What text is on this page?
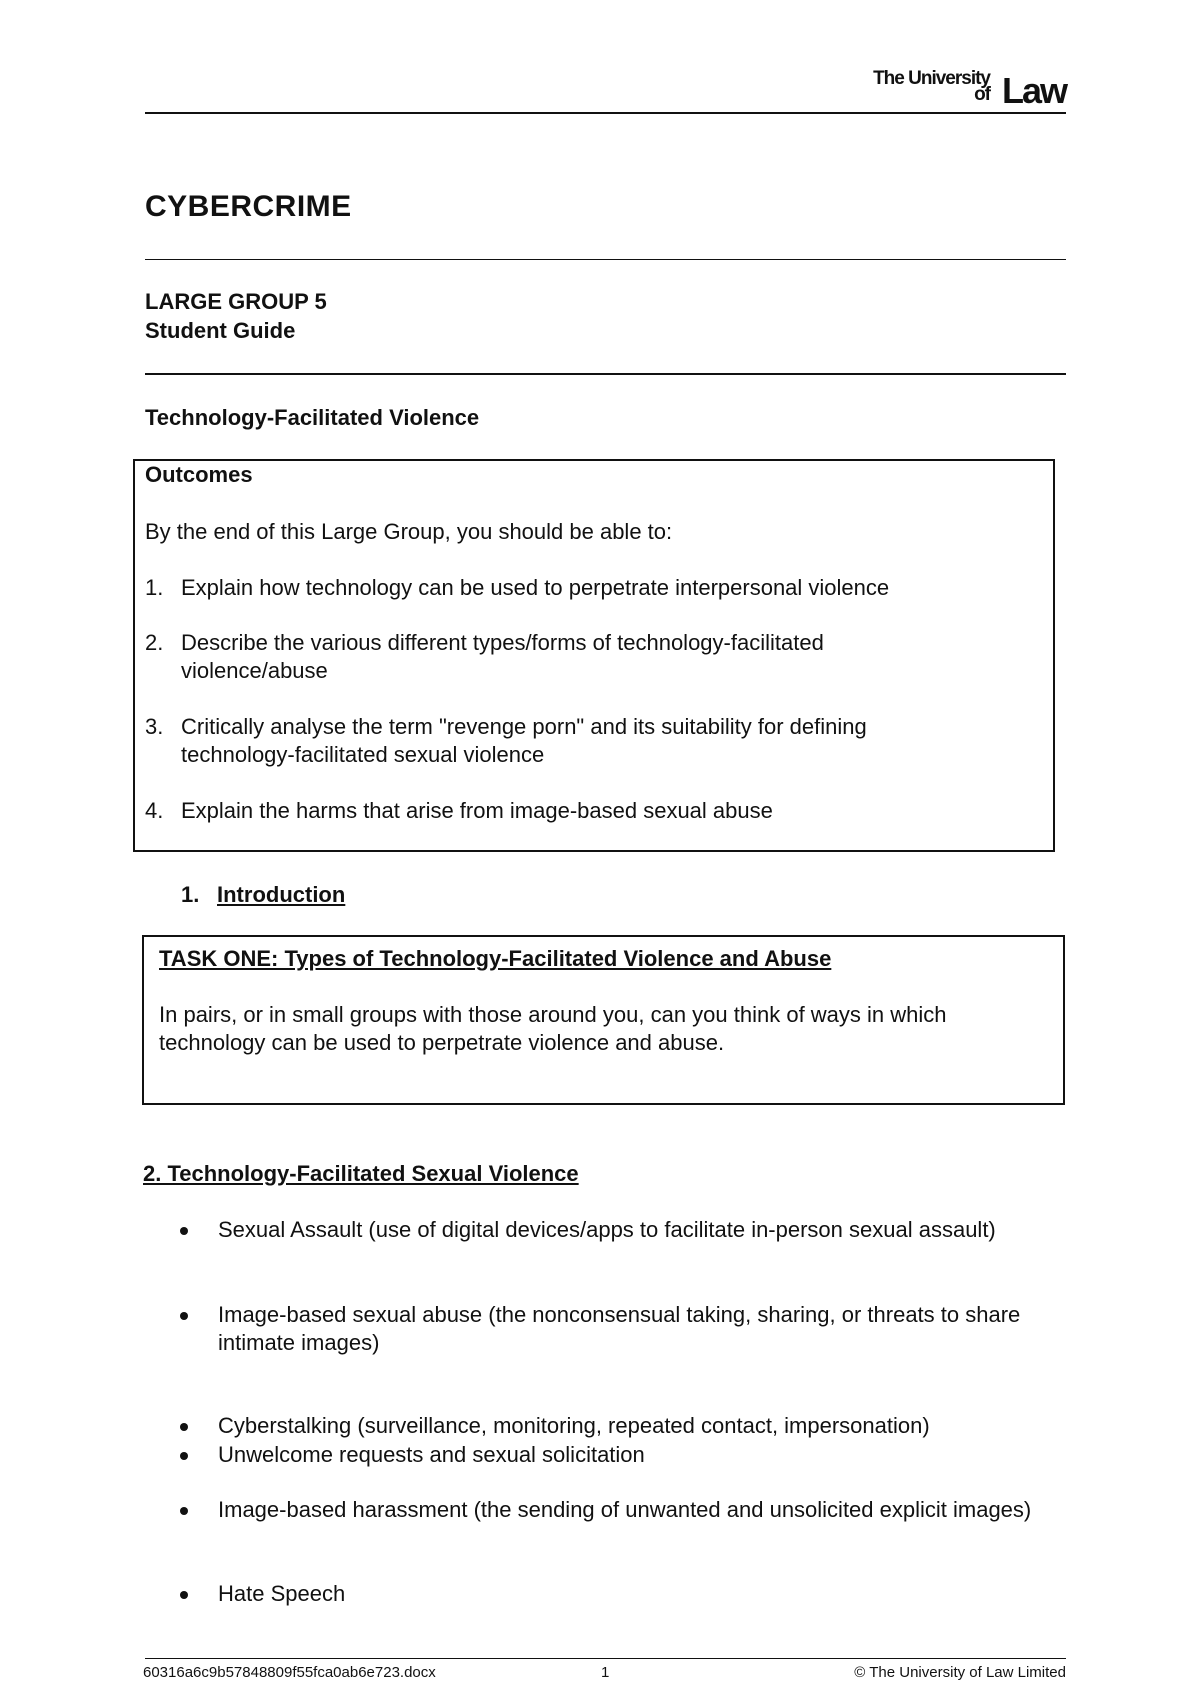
The University
of Law
CYBERCRIME
LARGE GROUP 5
Student Guide
Technology-Facilitated Violence
Outcomes
By the end of this Large Group, you should be able to:
1. Explain how technology can be used to perpetrate interpersonal violence
2. Describe the various different types/forms of technology-facilitated violence/abuse
3. Critically analyse the term "revenge porn" and its suitability for defining technology-facilitated sexual violence
4. Explain the harms that arise from image-based sexual abuse
1. Introduction
TASK ONE: Types of Technology-Facilitated Violence and Abuse
In pairs, or in small groups with those around you, can you think of ways in which technology can be used to perpetrate violence and abuse.
2. Technology-Facilitated Sexual Violence
Sexual Assault (use of digital devices/apps to facilitate in-person sexual assault)
Image-based sexual abuse (the nonconsensual taking, sharing, or threats to share intimate images)
Cyberstalking (surveillance, monitoring, repeated contact, impersonation)
Unwelcome requests and sexual solicitation
Image-based harassment (the sending of unwanted and unsolicited explicit images)
Hate Speech
60316a6c9b57848809f55fca0ab6e723.docx	1	© The University of Law Limited
